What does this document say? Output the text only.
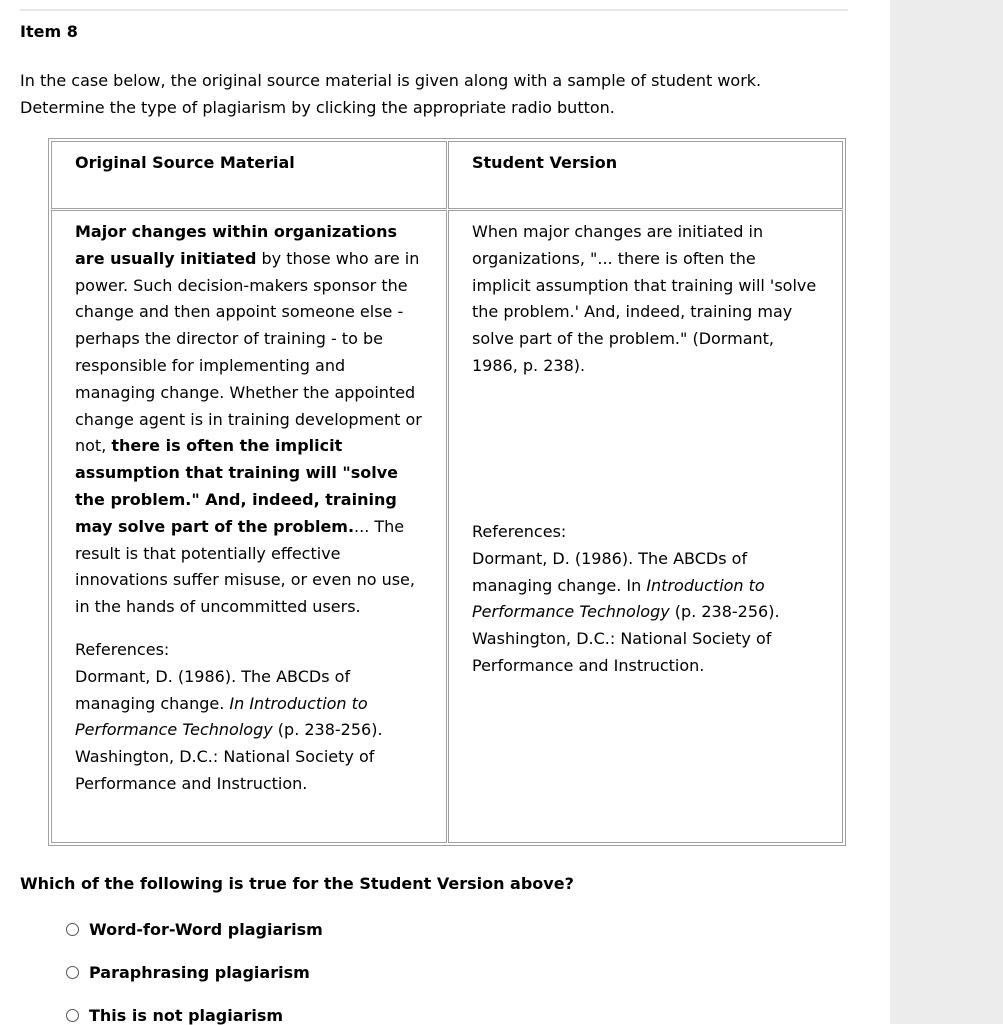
Item 8
In the case below, the original source material is given along with a sample of student work.
Determine the type of plagiarism by clicking the appropriate radio button.
Original Source Material	Student Version

Major changes within organizations are usually initiated by those who are in power. Such decision-makers sponsor the change and then appoint someone else - perhaps the director of training - to be responsible for implementing and managing change. Whether the appointed change agent is in training development or not, there is often the implicit assumption that training will "solve the problem." And, indeed, training may solve part of the problem.... The result is that potentially effective innovations suffer misuse, or even no use, in the hands of uncommitted users.

References:
Dormant, D. (1986). The ABCDs of managing change. In Introduction to Performance Technology (p. 238-256). Washington, D.C.: National Society of Performance and Instruction.

When major changes are initiated in organizations, "... there is often the implicit assumption that training will 'solve the problem.' And, indeed, training may solve part of the problem." (Dormant, 1986, p. 238).

References:
Dormant, D. (1986). The ABCDs of managing change. In Introduction to Performance Technology (p. 238-256). Washington, D.C.: National Society of Performance and Instruction.
Which of the following is true for the Student Version above?
Word-for-Word plagiarism
Paraphrasing plagiarism
This is not plagiarism
